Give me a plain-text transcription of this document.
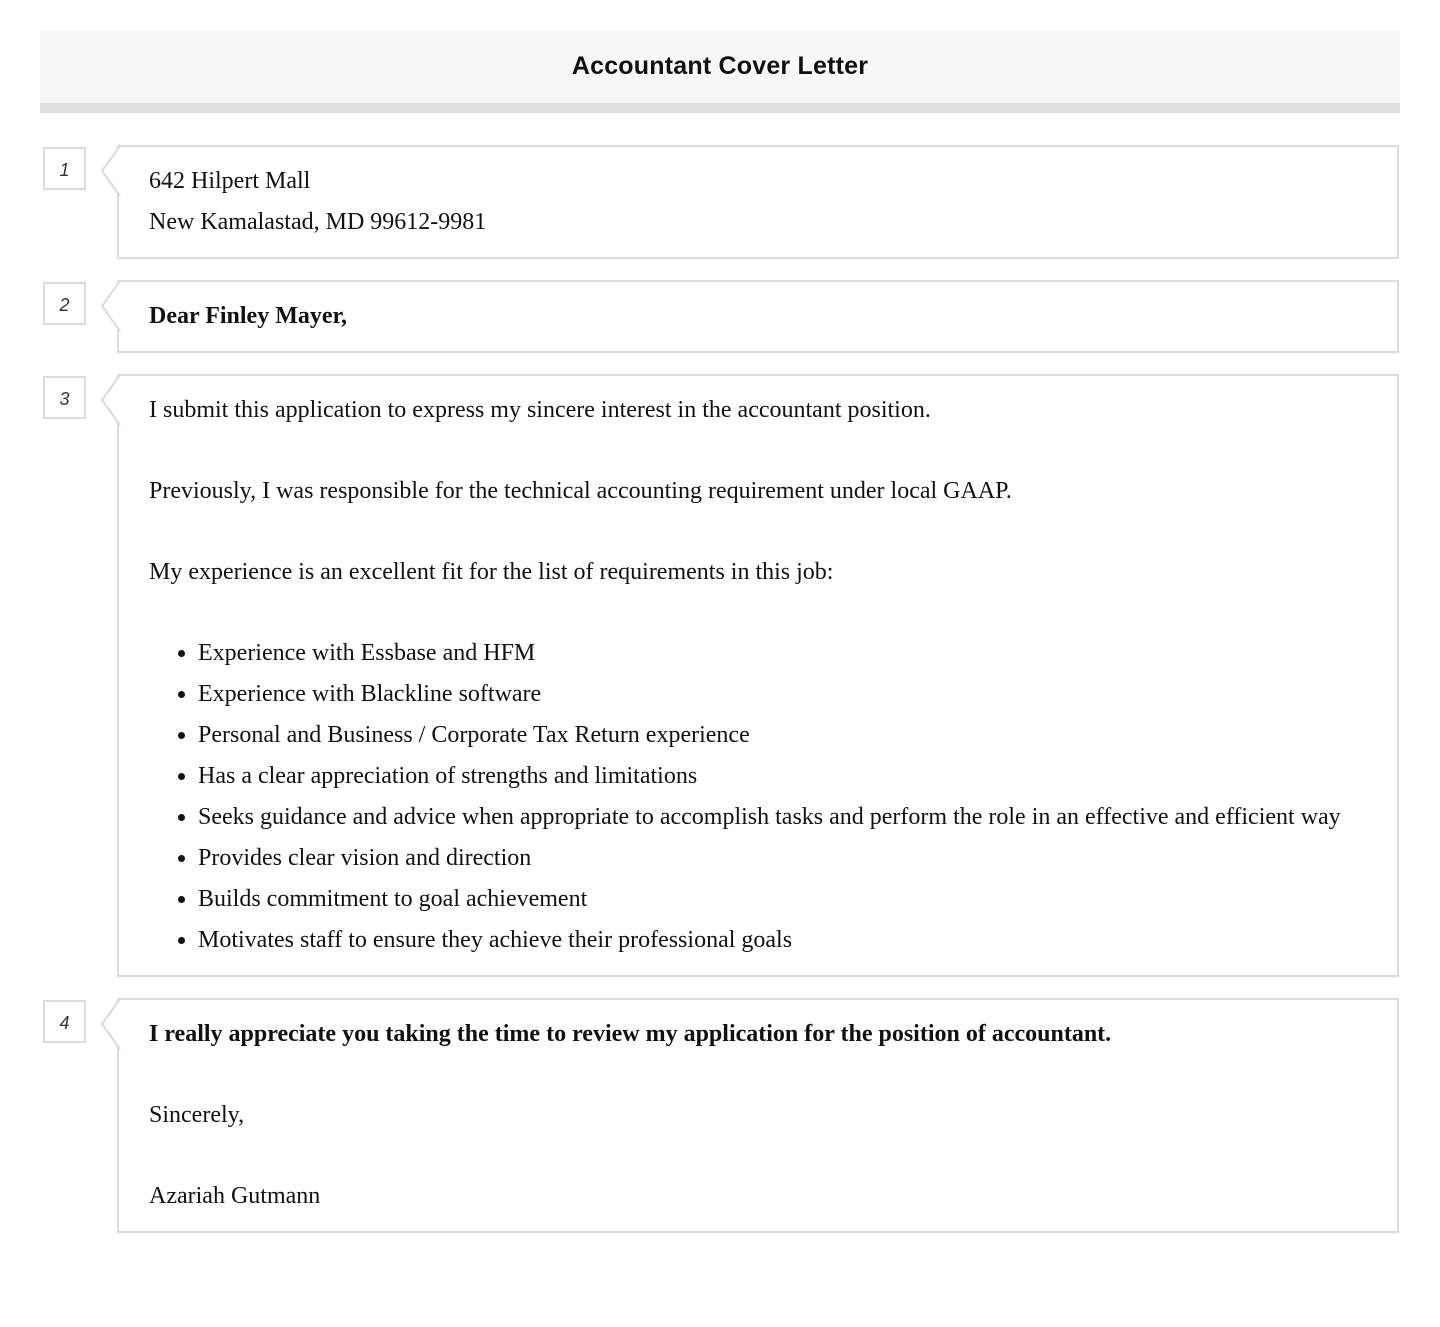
Accountant Cover Letter
1	642 Hilpert Mall

New Kamalastad, MD 99612-9981

2	Dear Finley Mayer,

3	I submit this application to express my sincere interest in the accountant position.

Previously, I was responsible for the technical accounting requirement under local GAAP.

My experience is an excellent fit for the list of requirements in this job:

• Experience with Essbase and HFM
• Experience with Blackline software
• Personal and Business / Corporate Tax Return experience
• Has a clear appreciation of strengths and limitations
• Seeks guidance and advice when appropriate to accomplish tasks and perform the role in an effective and efficient way
• Provides clear vision and direction
• Builds commitment to goal achievement
• Motivates staff to ensure they achieve their professional goals
4	I really appreciate you taking the time to review my application for the position of accountant.

Sincerely,

Azariah Gutmann
